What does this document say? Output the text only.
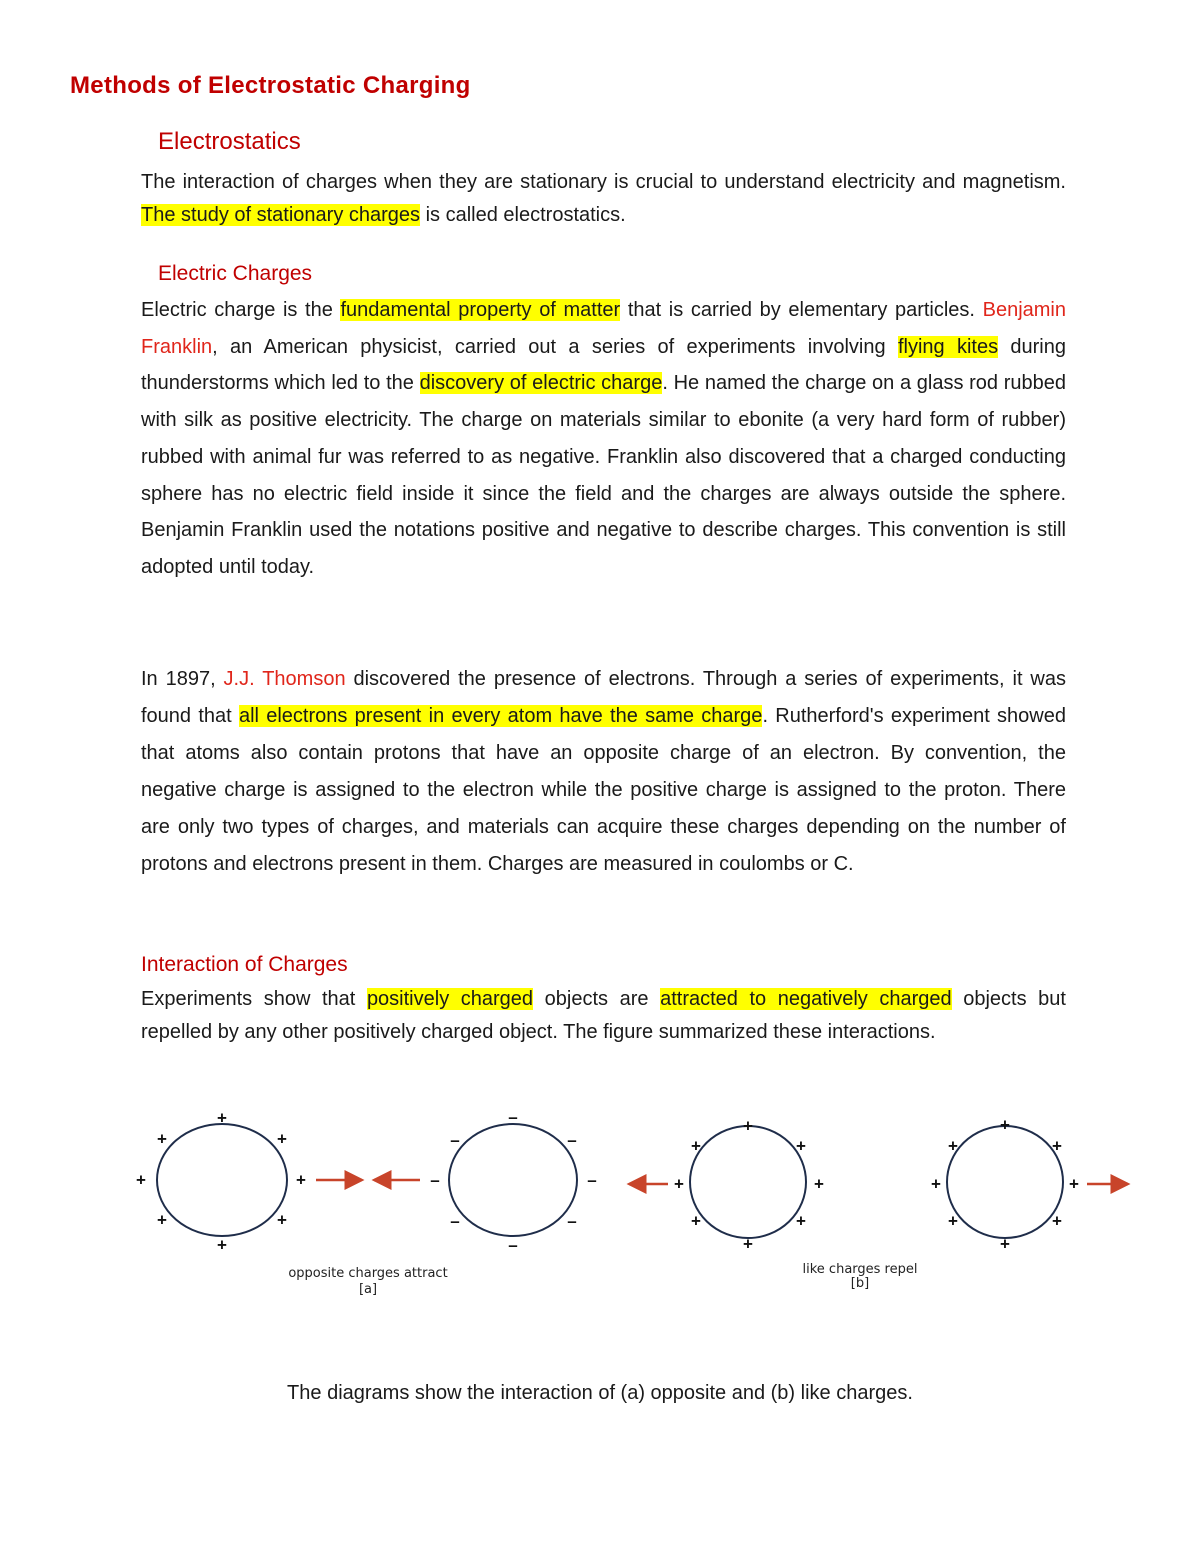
Methods of Electrostatic Charging
Electrostatics

The interaction of charges when they are stationary is crucial to understand electricity and magnetism. The study of stationary charges is called electrostatics.

Electric Charges

Electric charge is the fundamental property of matter that is carried by elementary particles. Benjamin Franklin, an American physicist, carried out a series of experiments involving flying kites during thunderstorms which led to the discovery of electric charge. He named the charge on a glass rod rubbed with silk as positive electricity. The charge on materials similar to ebonite (a very hard form of rubber) rubbed with animal fur was referred to as negative. Franklin also discovered that a charged conducting sphere has no electric field inside it since the field and the charges are always outside the sphere. Benjamin Franklin used the notations positive and negative to describe charges. This convention is still adopted until today.

In 1897, J.J. Thomson discovered the presence of electrons. Through a series of experiments, it was found that all electrons present in every atom have the same charge. Rutherford's experiment showed that atoms also contain protons that have an opposite charge of an electron. By convention, the negative charge is assigned to the electron while the positive charge is assigned to the proton. There are only two types of charges, and materials can acquire these charges depending on the number of protons and electrons present in them. Charges are measured in coulombs or C.

Interaction of Charges

Experiments show that positively charged objects are attracted to negatively charged objects but repelled by any other positively charged object. The figure summarized these interactions.

+
+	+
+	+
+	+
+
–
–	–
–	–
–	–
–
+
+	+
+	+
+	+
+
+
+	+
+	+
+	+
+
opposite charges attract
[a]
like charges repel
[b]

The diagrams show the interaction of (a) opposite and (b) like charges.
